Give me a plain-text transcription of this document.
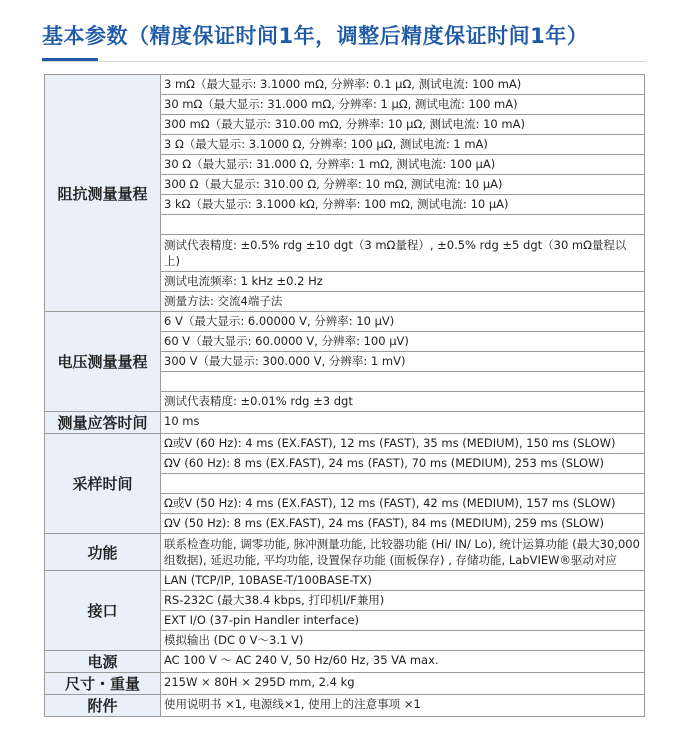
基本参数（精度保证时间1年，调整后精度保证时间1年）
阻抗测量量程	3 mΩ（最大显示: 3.1000 mΩ, 分辨率: 0.1 μΩ, 测试电流: 100 mA)
	30 mΩ（最大显示: 31.000 mΩ, 分辨率: 1 μΩ, 测试电流: 100 mA)
	300 mΩ（最大显示: 310.00 mΩ, 分辨率: 10 μΩ, 测试电流: 10 mA)
	3 Ω（最大显示: 3.1000 Ω, 分辨率: 100 μΩ, 测试电流: 1 mA)
	30 Ω（最大显示: 31.000 Ω, 分辨率: 1 mΩ, 测试电流: 100 μA)
	300 Ω（最大显示: 310.00 Ω, 分辨率: 10 mΩ, 测试电流: 10 μA)
	3 kΩ（最大显示: 3.1000 kΩ, 分辨率: 100 mΩ, 测试电流: 10 μA)

	测试代表精度: ±0.5% rdg ±10 dgt（3 mΩ量程）, ±0.5% rdg ±5 dgt（30 mΩ量程以上)
	测试电流频率: 1 kHz ±0.2 Hz
	测量方法: 交流4端子法
电压测量量程	6 V（最大显示: 6.00000 V, 分辨率: 10 μV)
	60 V（最大显示: 60.0000 V, 分辨率: 100 μV)
	300 V（最大显示: 300.000 V, 分辨率: 1 mV)

	测试代表精度: ±0.01% rdg ±3 dgt
测量应答时间	10 ms
采样时间	Ω或V (60 Hz): 4 ms (EX.FAST), 12 ms (FAST), 35 ms (MEDIUM), 150 ms (SLOW)
	ΩV (60 Hz): 8 ms (EX.FAST), 24 ms (FAST), 70 ms (MEDIUM), 253 ms (SLOW)

	Ω或V (50 Hz): 4 ms (EX.FAST), 12 ms (FAST), 42 ms (MEDIUM), 157 ms (SLOW)
	ΩV (50 Hz): 8 ms (EX.FAST), 24 ms (FAST), 84 ms (MEDIUM), 259 ms (SLOW)
功能	联系检查功能, 调零功能, 脉冲测量功能, 比较器功能 (Hi/ IN/ Lo), 统计运算功能 (最大30,000组数据), 延迟功能, 平均功能, 设置保存功能 (面板保存) , 存储功能, LabVIEW®驱动对应
接口	LAN (TCP/IP, 10BASE-T/100BASE-TX)
	RS-232C (最大38.4 kbps, 打印机I/F兼用)
	EXT I/O (37-pin Handler interface)
	模拟输出 (DC 0 V〜3.1 V)
电源	AC 100 V 〜 AC 240 V, 50 Hz/60 Hz, 35 VA max.
尺寸・重量	215W × 80H × 295D mm, 2.4 kg
附件	使用说明书 ×1, 电源线×1, 使用上的注意事项 ×1
